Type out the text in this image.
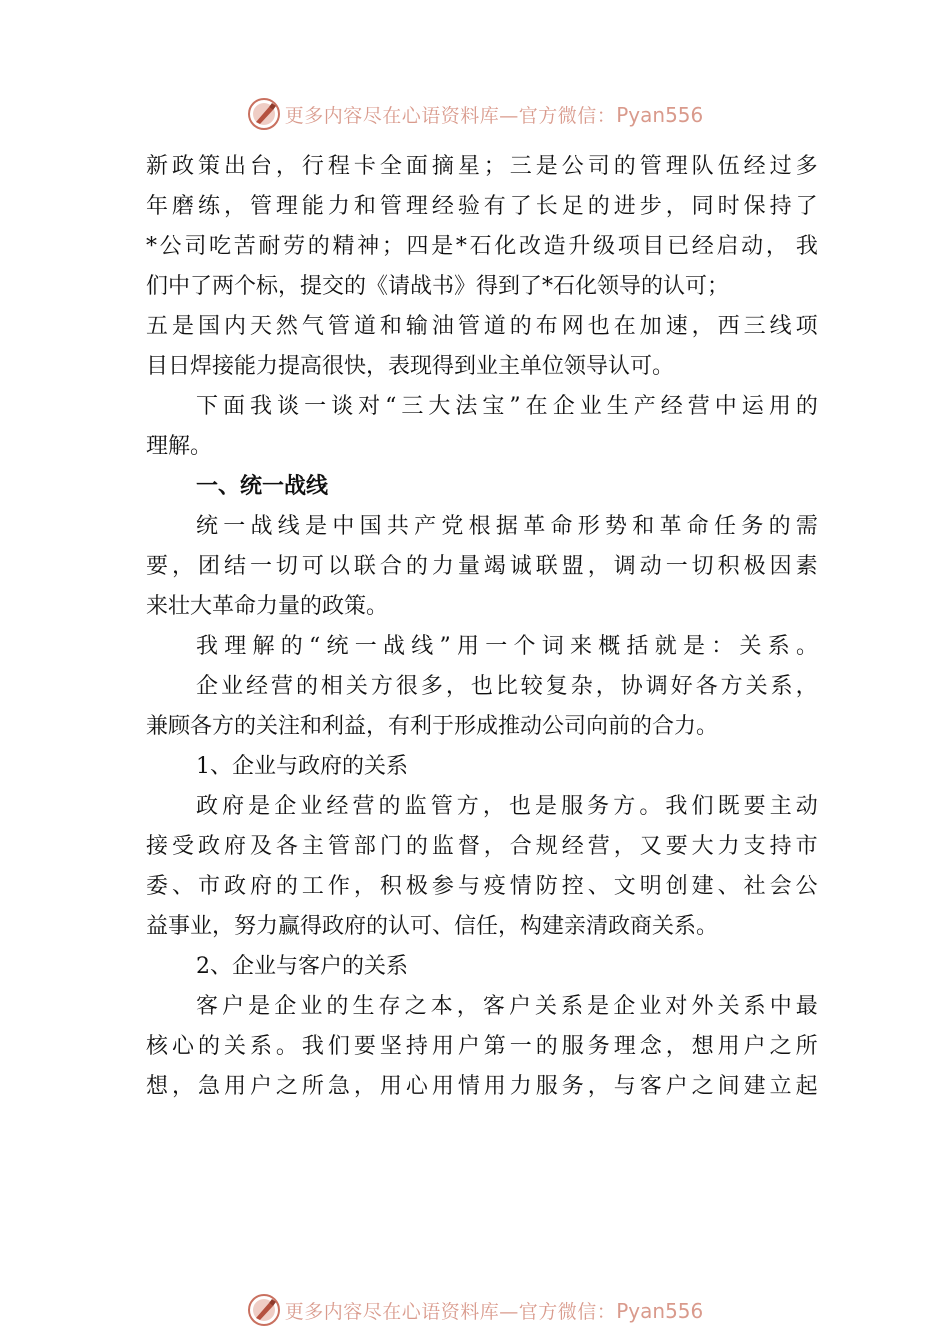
更多内容尽在心语资料库—官方微信：Pyan556
新 政 策 出 台 ， 行 程 卡 全 面 摘 星 ； 三 是 公 司 的 管 理 队 伍 经 过 多
年 磨 练 ， 管 理 能 力 和 管 理 经 验 有 了 长 足 的 进 步 ， 同 时 保 持 了
* 公 司 吃 苦 耐 劳 的 精 神 ； 四 是 * 石 化 改 造 升 级 项 目 已 经 启 动 ， 我
们中了两个标，提交的《请战书》得到了*石化领导的认可；
五 是 国 内 天 然 气 管 道 和 输 油 管 道 的 布 网 也 在 加 速 ， 西 三 线 项
目日焊接能力提高很快，表现得到业主单位领导认可。
下 面 我 谈 一 谈 对 “ 三 大 法 宝 ” 在 企 业 生 产 经 营 中 运 用 的
理解。
一、统一战线
统 一 战 线 是 中 国 共 产 党 根 据 革 命 形 势 和 革 命 任 务 的 需
要 ， 团 结 一 切 可 以 联 合 的 力 量 竭 诚 联 盟 ， 调 动 一 切 积 极 因 素
来壮大革命力量的政策。
我 理 解 的 “ 统 一 战 线 ” 用 一 个 词 来 概 括 就 是 ： 关 系 。
企 业 经 营 的 相 关 方 很 多 ， 也 比 较 复 杂 ， 协 调 好 各 方 关 系 ，
兼顾各方的关注和利益，有利于形成推动公司向前的合力。
1、企业与政府的关系
政 府 是 企 业 经 营 的 监 管 方 ， 也 是 服 务 方 。 我 们 既 要 主 动
接 受 政 府 及 各 主 管 部 门 的 监 督 ， 合 规 经 营 ， 又 要 大 力 支 持 市
委 、 市 政 府 的 工 作 ， 积 极 参 与 疫 情 防 控 、 文 明 创 建 、 社 会 公
益事业，努力赢得政府的认可、信任，构建亲清政商关系。
2、企业与客户的关系
客 户 是 企 业 的 生 存 之 本 ， 客 户 关 系 是 企 业 对 外 关 系 中 最
核 心 的 关 系 。 我 们 要 坚 持 用 户 第 一 的 服 务 理 念 ， 想 用 户 之 所
想 ， 急 用 户 之 所 急 ， 用 心 用 情 用 力 服 务 ， 与 客 户 之 间 建 立 起
更多内容尽在心语资料库—官方微信：Pyan556
